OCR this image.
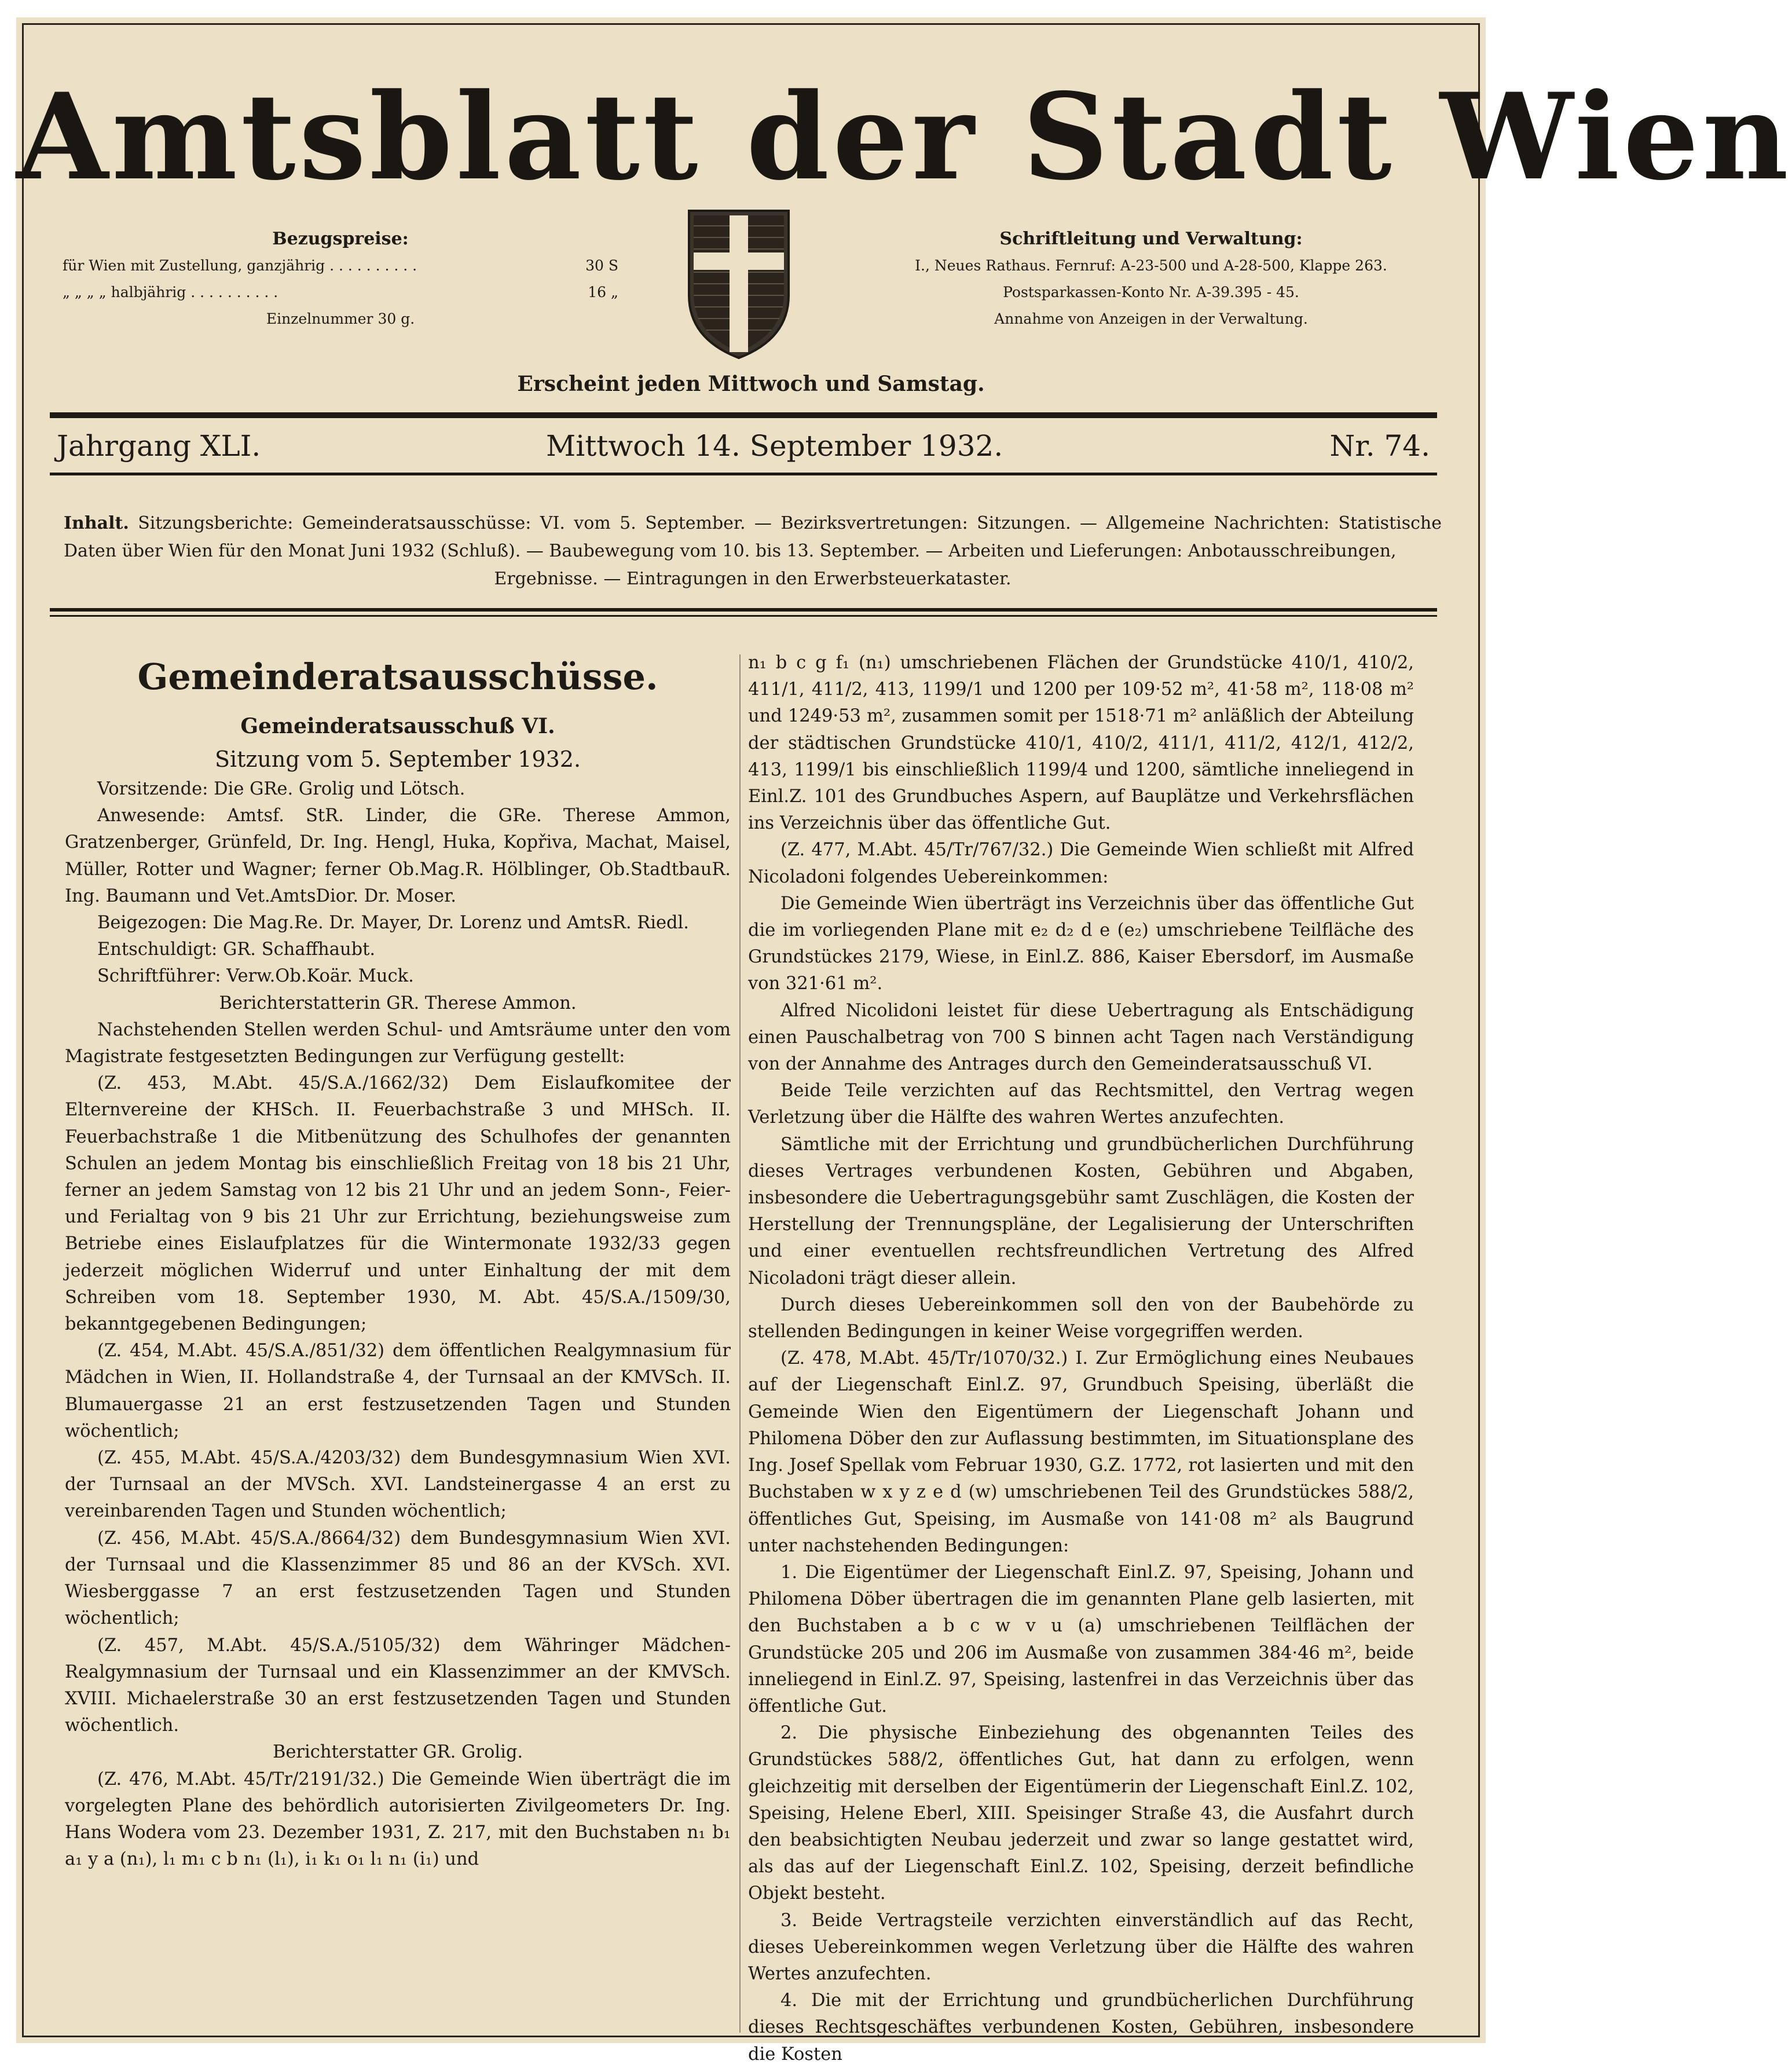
Amtsblatt der Stadt Wien
Bezugspreise:
für Wien mit Zustellung, ganzjährig . . . . . . . . . .	30 S
„ „ „ „ halbjährig . . . . . . . . . .	16 „
Einzelnummer 30 g.
Schriftleitung und Verwaltung:
I., Neues Rathaus. Fernruf: A-23-500 und A-28-500, Klappe 263.
Postsparkassen-Konto Nr. A-39.395 - 45.
Annahme von Anzeigen in der Verwaltung.
Erscheint jeden Mittwoch und Samstag.
Jahrgang XLI.	Mittwoch 14. September 1932.	Nr. 74.
Inhalt. Sitzungsberichte: Gemeinderatsausschüsse: VI. vom 5. September. — Bezirksvertretungen: Sitzungen. — Allgemeine Nachrichten: Statistische Daten über Wien für den Monat Juni 1932 (Schluß). — Baubewegung vom 10. bis 13. September. — Arbeiten und Lieferungen: Anbotausschreibungen,
Ergebnisse. — Eintragungen in den Erwerbsteuerkataster.

Gemeinderatsausschüsse.

Gemeinderatsausschuß VI.

Sitzung vom 5. September 1932.

Vorsitzende: Die GRe. Grolig und Lötsch.

Anwesende: Amtsf. StR. Linder, die GRe. Therese Ammon, Gratzenberger, Grünfeld, Dr. Ing. Hengl, Huka, Kopřiva, Machat, Maisel, Müller, Rotter und Wagner; ferner Ob.Mag.R. Hölblinger, Ob.StadtbauR. Ing. Baumann und Vet.AmtsDior. Dr. Moser.

Beigezogen: Die Mag.Re. Dr. Mayer, Dr. Lorenz und AmtsR. Riedl.

Entschuldigt: GR. Schaffhaubt.

Schriftführer: Verw.Ob.Koär. Muck.

Berichterstatterin GR. Therese Ammon.

Nachstehenden Stellen werden Schul- und Amtsräume unter den vom Magistrate festgesetzten Bedingungen zur Verfügung gestellt:

(Z. 453, M.Abt. 45/S.A./1662/32) Dem Eislaufkomitee der Elternvereine der KHSch. II. Feuerbachstraße 3 und MHSch. II. Feuerbachstraße 1 die Mitbenützung des Schulhofes der genannten Schulen an jedem Montag bis einschließlich Freitag von 18 bis 21 Uhr, ferner an jedem Samstag von 12 bis 21 Uhr und an jedem Sonn-, Feier- und Ferialtag von 9 bis 21 Uhr zur Errichtung, beziehungsweise zum Betriebe eines Eislaufplatzes für die Wintermonate 1932/33 gegen jederzeit möglichen Widerruf und unter Einhaltung der mit dem Schreiben vom 18. September 1930, M. Abt. 45/S.A./1509/30, bekanntgegebenen Bedingungen;

(Z. 454, M.Abt. 45/S.A./851/32) dem öffentlichen Realgymnasium für Mädchen in Wien, II. Hollandstraße 4, der Turnsaal an der KMVSch. II. Blumauergasse 21 an erst festzusetzenden Tagen und Stunden wöchentlich;

(Z. 455, M.Abt. 45/S.A./4203/32) dem Bundesgymnasium Wien XVI. der Turnsaal an der MVSch. XVI. Landsteinergasse 4 an erst zu vereinbarenden Tagen und Stunden wöchentlich;

(Z. 456, M.Abt. 45/S.A./8664/32) dem Bundesgymnasium Wien XVI. der Turnsaal und die Klassenzimmer 85 und 86 an der KVSch. XVI. Wiesberggasse 7 an erst festzusetzenden Tagen und Stunden wöchentlich;

(Z. 457, M.Abt. 45/S.A./5105/32) dem Währinger Mädchen-Realgymnasium der Turnsaal und ein Klassenzimmer an der KMVSch. XVIII. Michaelerstraße 30 an erst festzusetzenden Tagen und Stunden wöchentlich.

Berichterstatter GR. Grolig.

(Z. 476, M.Abt. 45/Tr/2191/32.) Die Gemeinde Wien überträgt die im vorgelegten Plane des behördlich autorisierten Zivilgeometers Dr. Ing. Hans Wodera vom 23. Dezember 1931, Z. 217, mit den Buchstaben n₁ b₁ a₁ y a (n₁), l₁ m₁ c b n₁ (l₁), i₁ k₁ o₁ l₁ n₁ (i₁) und

n₁ b c g f₁ (n₁) umschriebenen Flächen der Grundstücke 410/1, 410/2, 411/1, 411/2, 413, 1199/1 und 1200 per 109·52 m², 41·58 m², 118·08 m² und 1249·53 m², zusammen somit per 1518·71 m² anläßlich der Abteilung der städtischen Grundstücke 410/1, 410/2, 411/1, 411/2, 412/1, 412/2, 413, 1199/1 bis einschließlich 1199/4 und 1200, sämtliche inneliegend in Einl.Z. 101 des Grundbuches Aspern, auf Bauplätze und Verkehrsflächen ins Verzeichnis über das öffentliche Gut.

(Z. 477, M.Abt. 45/Tr/767/32.) Die Gemeinde Wien schließt mit Alfred Nicoladoni folgendes Uebereinkommen:

Die Gemeinde Wien überträgt ins Verzeichnis über das öffentliche Gut die im vorliegenden Plane mit e₂ d₂ d e (e₂) umschriebene Teilfläche des Grundstückes 2179, Wiese, in Einl.Z. 886, Kaiser Ebersdorf, im Ausmaße von 321·61 m².

Alfred Nicolidoni leistet für diese Uebertragung als Entschädigung einen Pauschalbetrag von 700 S binnen acht Tagen nach Verständigung von der Annahme des Antrages durch den Gemeinderatsausschuß VI.

Beide Teile verzichten auf das Rechtsmittel, den Vertrag wegen Verletzung über die Hälfte des wahren Wertes anzufechten.

Sämtliche mit der Errichtung und grundbücherlichen Durchführung dieses Vertrages verbundenen Kosten, Gebühren und Abgaben, insbesondere die Uebertragungsgebühr samt Zuschlägen, die Kosten der Herstellung der Trennungspläne, der Legalisierung der Unterschriften und einer eventuellen rechtsfreundlichen Vertretung des Alfred Nicoladoni trägt dieser allein.

Durch dieses Uebereinkommen soll den von der Baubehörde zu stellenden Bedingungen in keiner Weise vorgegriffen werden.

(Z. 478, M.Abt. 45/Tr/1070/32.) I. Zur Ermöglichung eines Neubaues auf der Liegenschaft Einl.Z. 97, Grundbuch Speising, überläßt die Gemeinde Wien den Eigentümern der Liegenschaft Johann und Philomena Döber den zur Auflassung bestimmten, im Situationsplane des Ing. Josef Spellak vom Februar 1930, G.Z. 1772, rot lasierten und mit den Buchstaben w x y z e d (w) umschriebenen Teil des Grundstückes 588/2, öffentliches Gut, Speising, im Ausmaße von 141·08 m² als Baugrund unter nachstehenden Bedingungen:

1. Die Eigentümer der Liegenschaft Einl.Z. 97, Speising, Johann und Philomena Döber übertragen die im genannten Plane gelb lasierten, mit den Buchstaben a b c w v u (a) umschriebenen Teilflächen der Grundstücke 205 und 206 im Ausmaße von zusammen 384·46 m², beide inneliegend in Einl.Z. 97, Speising, lastenfrei in das Verzeichnis über das öffentliche Gut.

2. Die physische Einbeziehung des obgenannten Teiles des Grundstückes 588/2, öffentliches Gut, hat dann zu erfolgen, wenn gleichzeitig mit derselben der Eigentümerin der Liegenschaft Einl.Z. 102, Speising, Helene Eberl, XIII. Speisinger Straße 43, die Ausfahrt durch den beabsichtigten Neubau jederzeit und zwar so lange gestattet wird, als das auf der Liegenschaft Einl.Z. 102, Speising, derzeit befindliche Objekt besteht.

3. Beide Vertragsteile verzichten einverständlich auf das Recht, dieses Uebereinkommen wegen Verletzung über die Hälfte des wahren Wertes anzufechten.

4. Die mit der Errichtung und grundbücherlichen Durchführung dieses Rechtsgeschäftes verbundenen Kosten, Gebühren, insbesondere die Kosten
